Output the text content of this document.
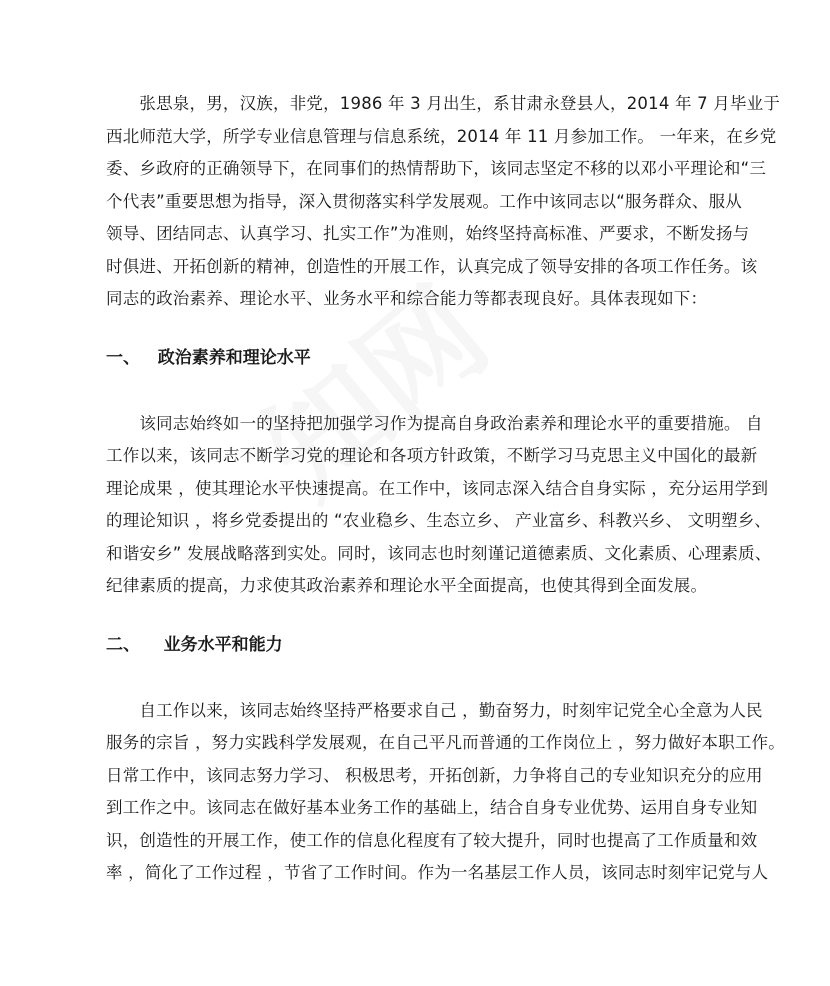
　　张思泉，男，汉族，非党，1986 年 3 月出生，系甘肃永登县人，2014 年 7 月毕业于
西北师范大学，所学专业信息管理与信息系统，2014 年 11 月参加工作。 一年来，在乡党
委、乡政府的正确领导下，在同事们的热情帮助下，该同志坚定不移的以邓小平理论和“三
个代表”重要思想为指导，深入贯彻落实科学发展观。工作中该同志以“服务群众、服从
领导、团结同志、认真学习、扎实工作”为准则，始终坚持高标准、严要求，不断发扬与
时俱进、开拓创新的精神，创造性的开展工作，认真完成了领导安排的各项工作任务。该
同志的政治素养、理论水平、业务水平和综合能力等都表现良好。具体表现如下：
一、   政治素养和理论水平
　　该同志始终如一的坚持把加强学习作为提高自身政治素养和理论水平的重要措施。 自
工作以来，该同志不断学习党的理论和各项方针政策，不断学习马克思主义中国化的最新
理论成果 ，使其理论水平快速提高。在工作中，该同志深入结合自身实际 ，充分运用学到
的理论知识 ，将乡党委提出的 “农业稳乡、生态立乡、 产业富乡、科教兴乡、 文明塑乡、
和谐安乡” 发展战略落到实处。同时，该同志也时刻谨记道德素质、文化素质、心理素质、
纪律素质的提高，力求使其政治素养和理论水平全面提高，也使其得到全面发展。
二、    业务水平和能力
　　自工作以来，该同志始终坚持严格要求自己 ，勤奋努力，时刻牢记党全心全意为人民
服务的宗旨 ，努力实践科学发展观，在自己平凡而普通的工作岗位上 ，努力做好本职工作。
日常工作中，该同志努力学习、 积极思考，开拓创新，力争将自己的专业知识充分的应用
到工作之中。该同志在做好基本业务工作的基础上，结合自身专业优势、运用自身专业知
识，创造性的开展工作，使工作的信息化程度有了较大提升，同时也提高了工作质量和效
率 ，简化了工作过程 ，节省了工作时间。作为一名基层工作人员，该同志时刻牢记党与人
